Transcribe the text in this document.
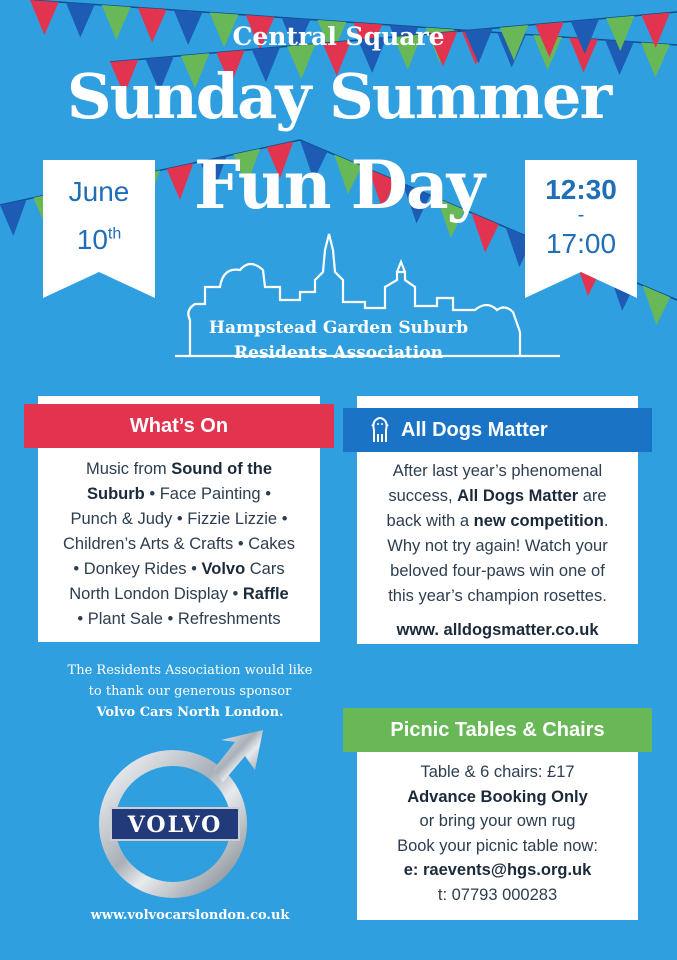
Central Square
Sunday Summer
Fun Day
June
10th
12:30
-
17:00
Hampstead Garden Suburb
Residents Association
What’s On
Music from Sound of the
Suburb • Face Painting •
Punch & Judy • Fizzie Lizzie •
Children’s Arts & Crafts • Cakes
• Donkey Rides • Volvo Cars
North London Display • Raffle
• Plant Sale • Refreshments
All Dogs Matter
After last year’s phenomenal
success, All Dogs Matter are
back with a new competition.
Why not try again! Watch your
beloved four-paws win one of
this year’s champion rosettes.
www. alldogsmatter.co.uk
Picnic Tables & Chairs
Table & 6 chairs: £17
Advance Booking Only
or bring your own rug
Book your picnic table now:
e: raevents@hgs.org.uk
t: 07793 000283
The Residents Association would like
to thank our generous sponsor
Volvo Cars North London.
VOLVO
www.volvocarslondon.co.uk
